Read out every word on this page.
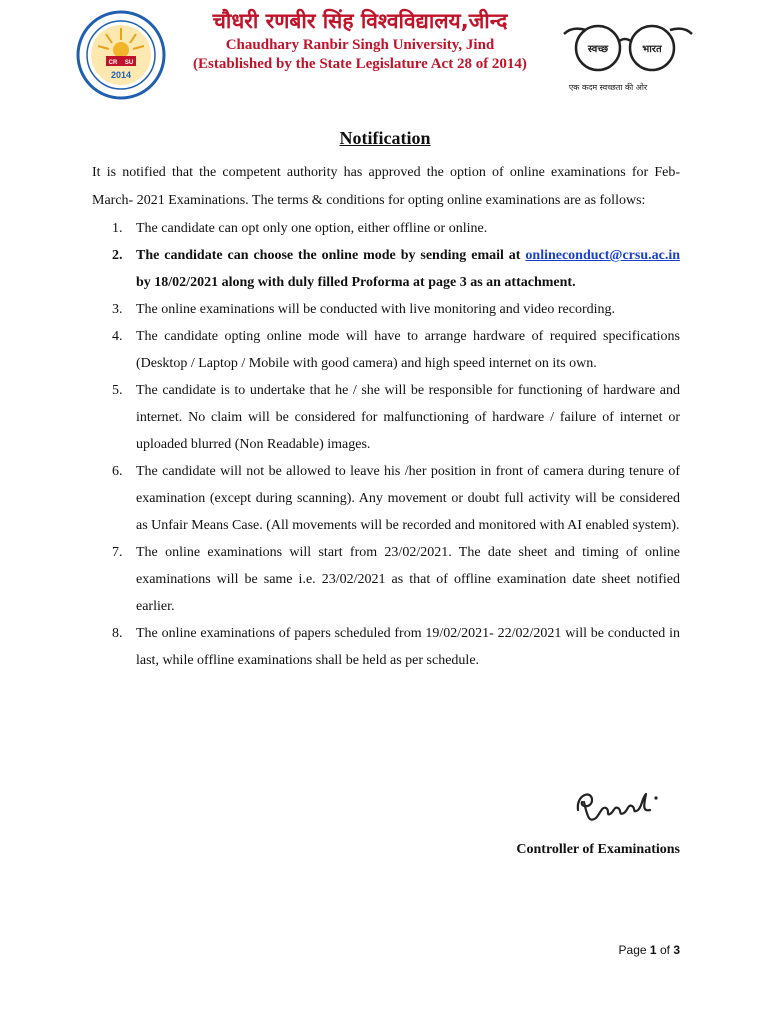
CR SU
2014
चौधरी रणबीर सिंह विश्वविद्यालय,जीन्द
Chaudhary Ranbir Singh University, Jind
(Established by the State Legislature Act 28 of 2014)
स्वच्छ	भारत
एक कदम स्वच्छता की ओर
Notification

It is notified that the competent authority has approved the option of online examinations for Feb-March- 2021 Examinations. The terms & conditions for opting online examinations are as follows:

1. The candidate can opt only one option, either offline or online.
2. The candidate can choose the online mode by sending email at onlineconduct@crsu.ac.in by 18/02/2021 along with duly filled Proforma at page 3 as an attachment.
3. The online examinations will be conducted with live monitoring and video recording.
4. The candidate opting online mode will have to arrange hardware of required specifications (Desktop / Laptop / Mobile with good camera) and high speed internet on its own.
5. The candidate is to undertake that he / she will be responsible for functioning of hardware and internet. No claim will be considered for malfunctioning of hardware / failure of internet or uploaded blurred (Non Readable) images.
6. The candidate will not be allowed to leave his /her position in front of camera during tenure of examination (except during scanning). Any movement or doubt full activity will be considered as Unfair Means Case. (All movements will be recorded and monitored with AI enabled system).
7. The online examinations will start from 23/02/2021. The date sheet and timing of online examinations will be same i.e. 23/02/2021 as that of offline examination date sheet notified earlier.
8. The online examinations of papers scheduled from 19/02/2021- 22/02/2021 will be conducted in last, while offline examinations shall be held as per schedule.
Controller of Examinations
Page 1 of 3
